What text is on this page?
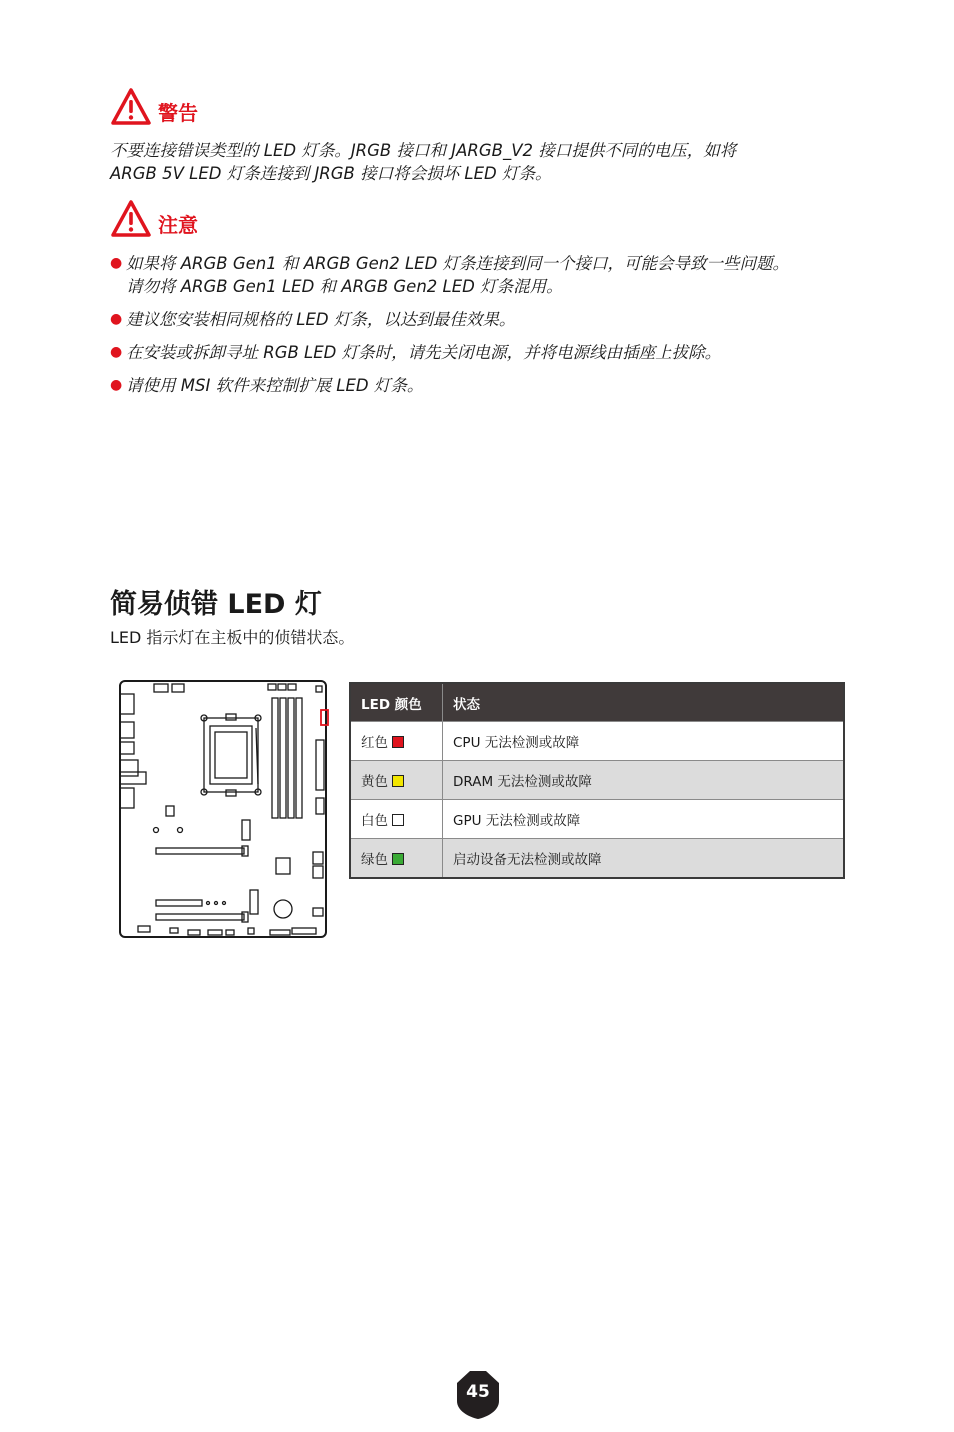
警告
不要连接错误类型的 LED 灯条。JRGB 接口和 JARGB_V2 接口提供不同的电压，如将
ARGB 5V LED 灯条连接到 JRGB 接口将会损坏 LED 灯条。
注意
● 如果将 ARGB Gen1 和 ARGB Gen2 LED 灯条连接到同一个接口，可能会导致一些问题。
请勿将 ARGB Gen1 LED 和 ARGB Gen2 LED 灯条混用。
● 建议您安装相同规格的 LED 灯条，以达到最佳效果。
● 在安装或拆卸寻址 RGB LED 灯条时，请先关闭电源，并将电源线由插座上拔除。
● 请使用 MSI 软件来控制扩展 LED 灯条。
简易侦错 LED 灯
LED 指示灯在主板中的侦错状态。
LED 颜色	状态
红色	CPU 无法检测或故障
黄色	DRAM 无法检测或故障
白色	GPU 无法检测或故障
绿色	启动设备无法检测或故障
45
